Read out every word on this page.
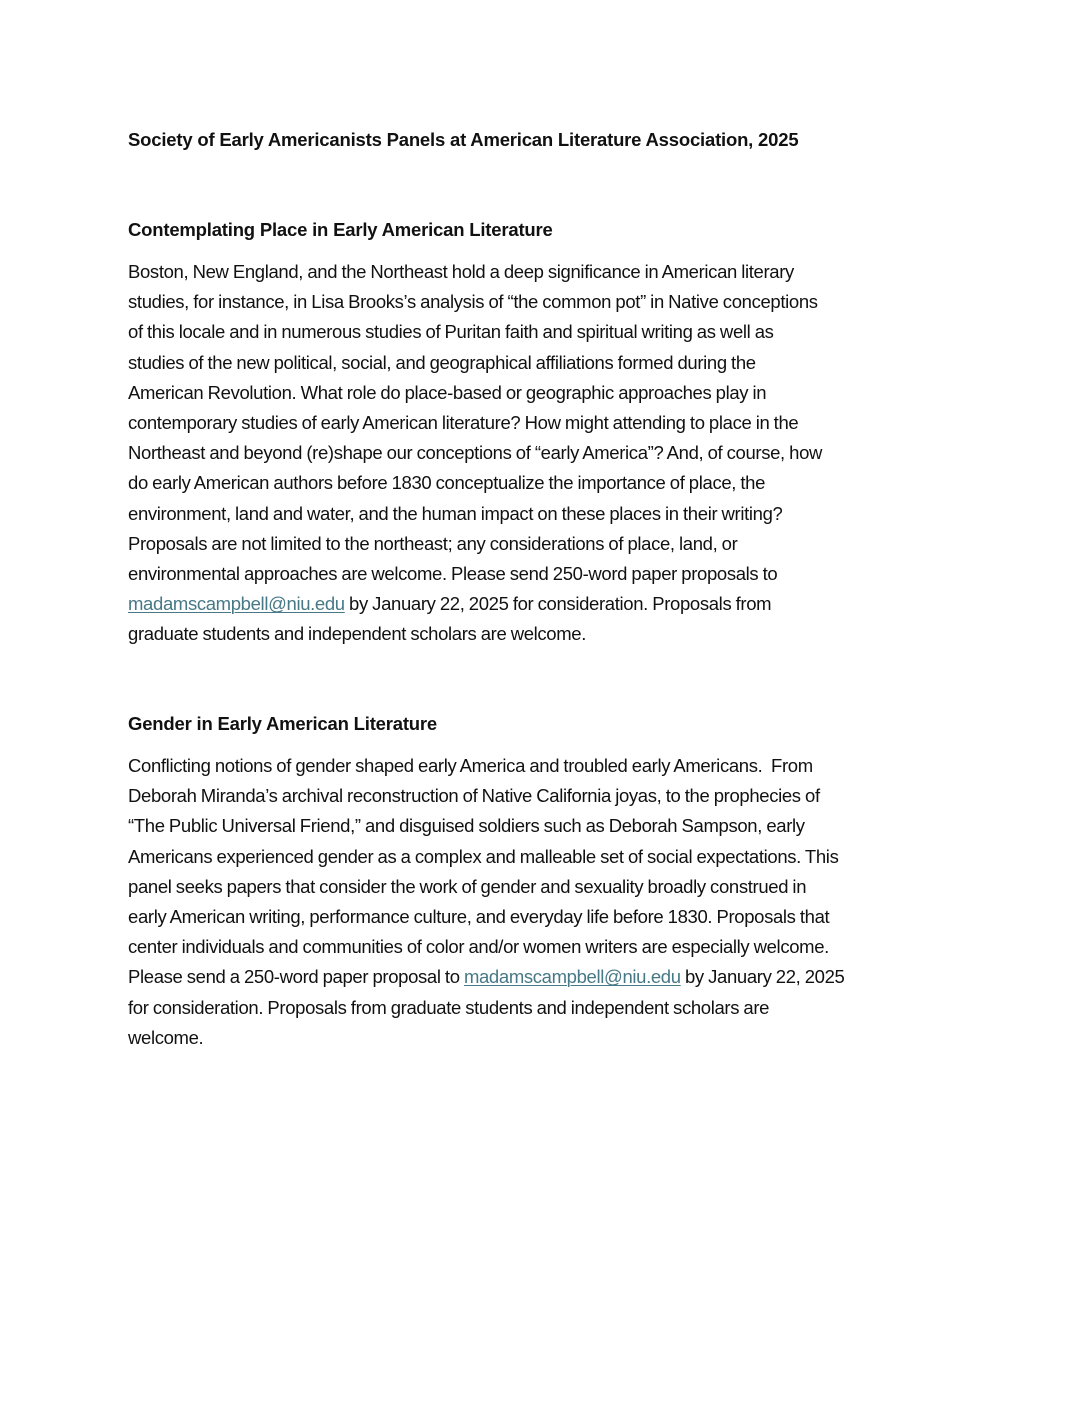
Society of Early Americanists Panels at American Literature Association, 2025
Contemplating Place in Early American Literature
Boston, New England, and the Northeast hold a deep significance in American literary
studies, for instance, in Lisa Brooks’s analysis of “the common pot” in Native conceptions
of this locale and in numerous studies of Puritan faith and spiritual writing as well as
studies of the new political, social, and geographical affiliations formed during the
American Revolution. What role do place-based or geographic approaches play in
contemporary studies of early American literature? How might attending to place in the
Northeast and beyond (re)shape our conceptions of “early America”? And, of course, how
do early American authors before 1830 conceptualize the importance of place, the
environment, land and water, and the human impact on these places in their writing?
Proposals are not limited to the northeast; any considerations of place, land, or
environmental approaches are welcome. Please send 250-word paper proposals to
madamscampbell@niu.edu by January 22, 2025 for consideration. Proposals from
graduate students and independent scholars are welcome.
Gender in Early American Literature
Conflicting notions of gender shaped early America and troubled early Americans.  From
Deborah Miranda’s archival reconstruction of Native California joyas, to the prophecies of
“The Public Universal Friend,” and disguised soldiers such as Deborah Sampson, early
Americans experienced gender as a complex and malleable set of social expectations. This
panel seeks papers that consider the work of gender and sexuality broadly construed in
early American writing, performance culture, and everyday life before 1830. Proposals that
center individuals and communities of color and/or women writers are especially welcome.
Please send a 250-word paper proposal to madamscampbell@niu.edu by January 22, 2025
for consideration. Proposals from graduate students and independent scholars are
welcome.
